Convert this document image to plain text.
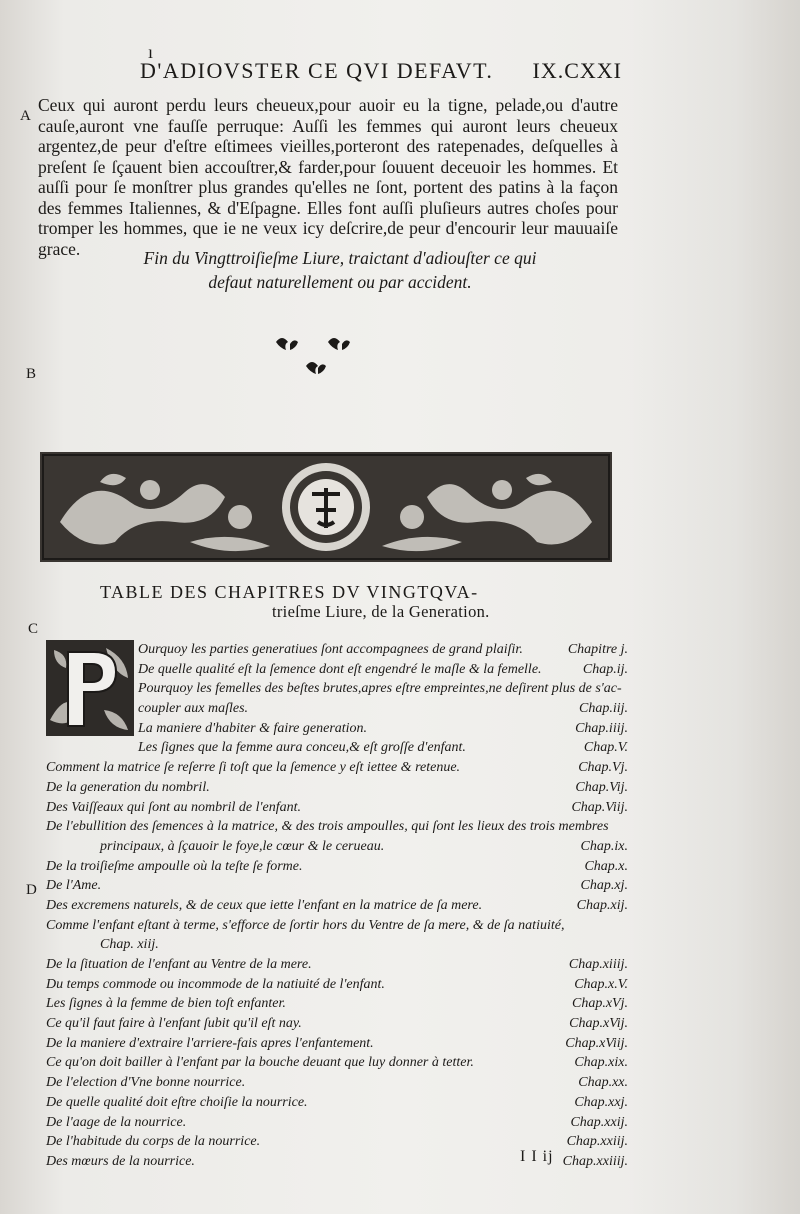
ı
D'ADIOVSTER CE QVI DEFAVT.	IX.CXXI
A
B
C
D

Ceux qui auront perdu leurs cheueux,pour auoir eu la tigne, pelade,ou d'autre cauſe,auront vne fauſſe perruque: Auſſi les femmes qui auront leurs cheueux argentez,de peur d'eſtre eſtimees vieilles,porteront des ratepenades, deſquelles à preſent ſe ſçauent bien accouſtrer,& farder,pour ſouuent deceuoir les hommes. Et auſſi pour ſe monſtrer plus grandes qu'elles ne ſont, portent des patins à la façon des femmes Italiennes, & d'Eſpagne. Elles font auſſi pluſieurs autres choſes pour tromper les hommes, que ie ne veux icy deſcrire,de peur d'encourir leur mauuaiſe grace.	Fin du Vingttroiſieſme Liure, traictant d'adiouſter ce qui
defaut naturellement ou par accident.
TABLE DES CHAPITRES DV VINGTQVA-
trieſme Liure, de la Generation.
Ourquoy les parties generatiues ſont accompagnees de grand plaiſir.	Chapitre j.
De quelle qualité eſt la ſemence dont eſt engendré le maſle & la femelle.	Chap.ij.
Pourquoy les femelles des beſtes brutes,apres eſtre empreintes,ne deſirent plus de s'ac-
coupler aux maſles.	Chap.iij.
La maniere d'habiter & faire generation.	Chap.iiij.
Les ſignes que la femme aura conceu,& eſt groſſe d'enfant.	Chap.V.
Comment la matrice ſe reſerre ſi toſt que la ſemence y eſt iettee & retenue.	Chap.Vj.
De la generation du nombril.	Chap.Vij.
Des Vaiſſeaux qui ſont au nombril de l'enfant.	Chap.Viij.
De l'ebullition des ſemences à la matrice, & des trois ampoulles, qui ſont les lieux des trois membres
principaux, à ſçauoir le foye,le cœur & le cerueau.	Chap.ix.
De la troiſieſme ampoulle où la teſte ſe forme.	Chap.x.
De l'Ame.	Chap.xj.
Des excremens naturels, & de ceux que iette l'enfant en la matrice de ſa mere.	Chap.xij.
Comme l'enfant eſtant à terme, s'efforce de ſortir hors du Ventre de ſa mere, & de ſa natiuité,
Chap. xiij.
De la ſituation de l'enfant au Ventre de la mere.	Chap.xiiij.
Du temps commode ou incommode de la natiuité de l'enfant.	Chap.x.V.
Les ſignes à la femme de bien toſt enfanter.	Chap.xVj.
Ce qu'il faut faire à l'enfant ſubit qu'il eſt nay.	Chap.xVij.
De la maniere d'extraire l'arriere-fais apres l'enfantement.	Chap.xViij.
Ce qu'on doit bailler à l'enfant par la bouche deuant que luy donner à tetter.	Chap.xix.
De l'election d'Vne bonne nourrice.	Chap.xx.
De quelle qualité doit eſtre choiſie la nourrice.	Chap.xxj.
De l'aage de la nourrice.	Chap.xxij.
De l'habitude du corps de la nourrice.	Chap.xxiij.
Des mœurs de la nourrice.	Chap.xxiiij.
I I ij
